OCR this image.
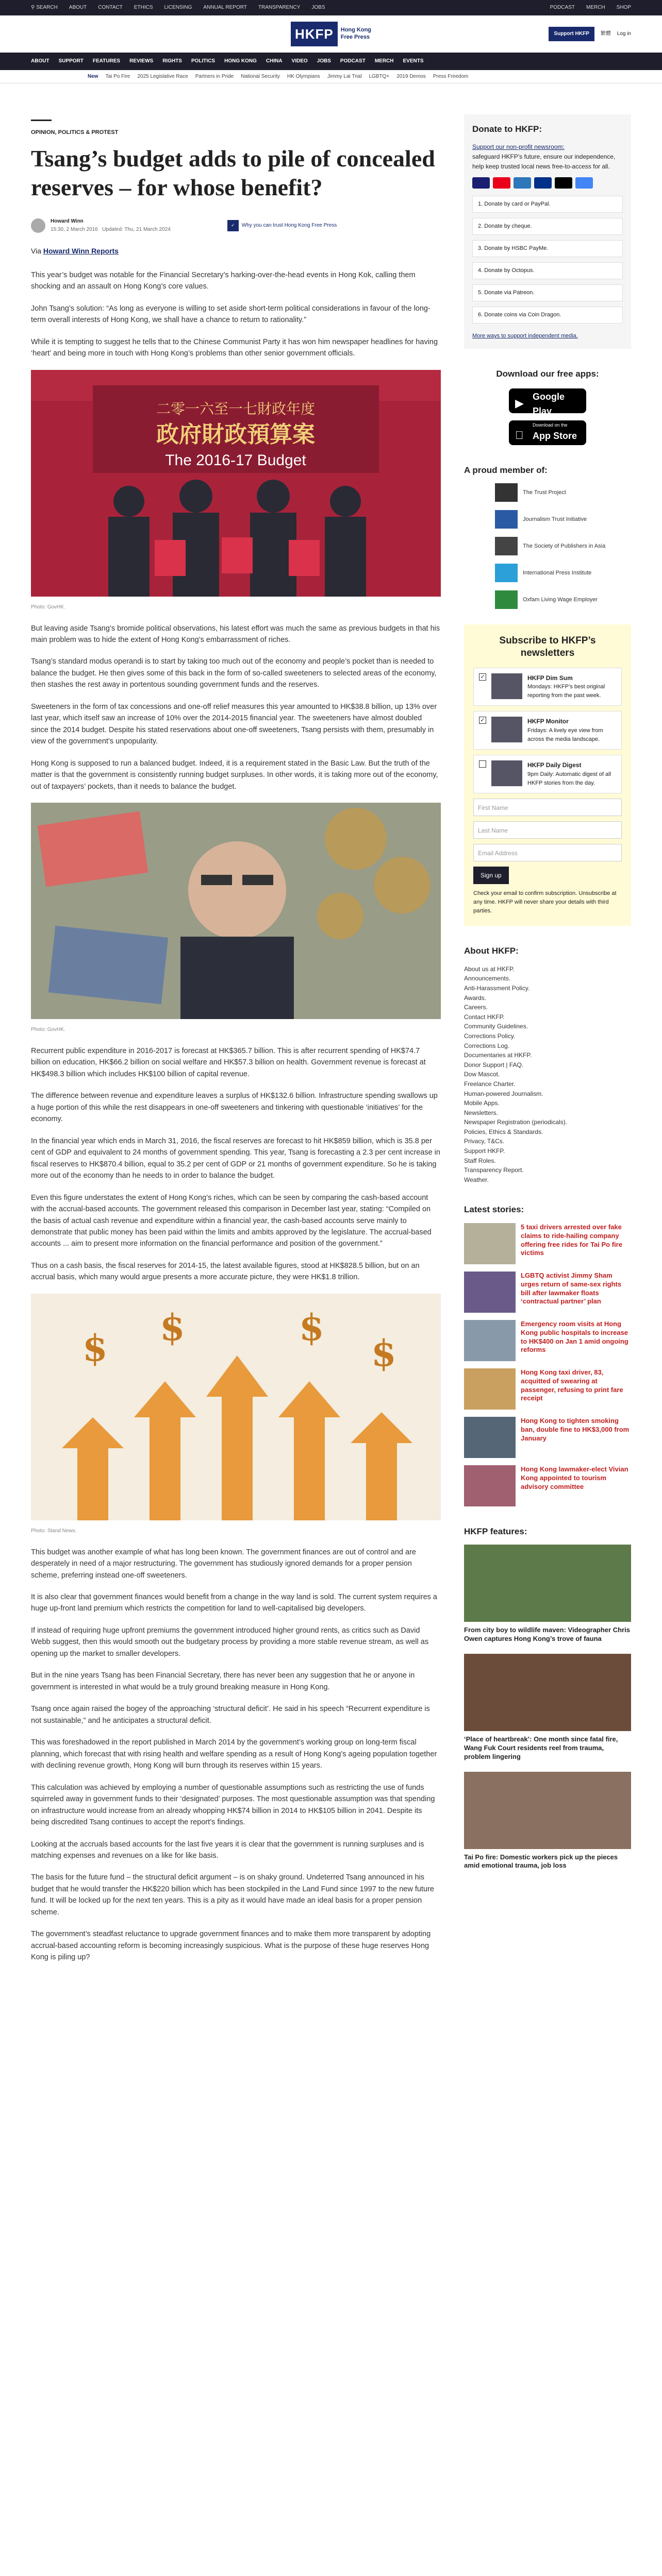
⚲ SEARCH ABOUT CONTACT ETHICS LICENSING ANNUAL REPORT TRANSPARENCY JOBS	PODCAST MERCH SHOP
HKFP	Hong Kong
Free Press
Support HKFP	繁體 Log in
ABOUT SUPPORT FEATURES REVIEWS RIGHTS POLITICS HONG KONG CHINA VIDEO JOBS PODCAST MERCH EVENTS
New Tai Po Fire 2025 Legislative Race Partners in Pride National Security HK Olympians Jimmy Lai Trial LGBTQ+ 2019 Demos Press Freedom
OPINION, POLITICS & PROTEST
Tsang’s budget adds to pile of concealed reserves – for whose benefit?
Howard Winn
15:30, 2 March 2016 Updated: Thu, 21 March 2024
✓	Why you can trust Hong Kong Free Press
Via Howard Winn Reports

This year’s budget was notable for the Financial Secretary’s harking-over-the-head events in Hong Kok, calling them shocking and an assault on Hong Kong’s core values.

John Tsang’s solution: “As long as everyone is willing to set aside short-term political considerations in favour of the long-term overall interests of Hong Kong, we shall have a chance to return to rationality.”

While it is tempting to suggest he tells that to the Chinese Communist Party it has won him newspaper headlines for having ‘heart’ and being more in touch with Hong Kong’s problems than other senior government officials.

二零一六至一七財政年度
政府財政預算案
The 2016-17 Budget
Photo: GovHK.

But leaving aside Tsang’s bromide political observations, his latest effort was much the same as previous budgets in that his main problem was to hide the extent of Hong Kong’s embarrassment of riches.

Tsang’s standard modus operandi is to start by taking too much out of the economy and people’s pocket than is needed to balance the budget. He then gives some of this back in the form of so-called sweeteners to selected areas of the economy, then stashes the rest away in portentous sounding government funds and the reserves.

Sweeteners in the form of tax concessions and one-off relief measures this year amounted to HK$38.8 billion, up 13% over last year, which itself saw an increase of 10% over the 2014-2015 financial year. The sweeteners have almost doubled since the 2014 budget. Despite his stated reservations about one-off sweeteners, Tsang persists with them, presumably in view of the government’s unpopularity.

Hong Kong is supposed to run a balanced budget. Indeed, it is a requirement stated in the Basic Law. But the truth of the matter is that the government is consistently running budget surpluses. In other words, it is taking more out of the economy, out of taxpayers’ pockets, than it needs to balance the budget.

Photo: GovHK.

Recurrent public expenditure in 2016-2017 is forecast at HK$365.7 billion. This is after recurrent spending of HK$74.7 billion on education, HK$66.2 billion on social welfare and HK$57.3 billion on health. Government revenue is forecast at HK$498.3 billion which includes HK$100 billion of capital revenue.

The difference between revenue and expenditure leaves a surplus of HK$132.6 billion. Infrastructure spending swallows up a huge portion of this while the rest disappears in one-off sweeteners and tinkering with questionable ‘initiatives’ for the economy.

In the financial year which ends in March 31, 2016, the fiscal reserves are forecast to hit HK$859 billion, which is 35.8 per cent of GDP and equivalent to 24 months of government spending. This year, Tsang is forecasting a 2.3 per cent increase in fiscal reserves to HK$870.4 billion, equal to 35.2 per cent of GDP or 21 months of government expenditure. So he is taking more out of the economy than he needs to in order to balance the budget.

Even this figure understates the extent of Hong Kong’s riches, which can be seen by comparing the cash-based account with the accrual-based accounts. The government released this comparison in December last year, stating: “Compiled on the basis of actual cash revenue and expenditure within a financial year, the cash-based accounts serve mainly to demonstrate that public money has been paid within the limits and ambits approved by the legislature. The accrual-based accounts ... aim to present more information on the financial performance and position of the government.”

Thus on a cash basis, the fiscal reserves for 2014-15, the latest available figures, stood at HK$828.5 billion, but on an accrual basis, which many would argue presents a more accurate picture, they were HK$1.8 trillion.

$ $	$
$
Photo: Stand News.

This budget was another example of what has long been known. The government finances are out of control and are desperately in need of a major restructuring. The government has studiously ignored demands for a proper pension scheme, preferring instead one-off sweeteners.

It is also clear that government finances would benefit from a change in the way land is sold. The current system requires a huge up-front land premium which restricts the competition for land to well-capitalised big developers.

If instead of requiring huge upfront premiums the government introduced higher ground rents, as critics such as David Webb suggest, then this would smooth out the budgetary process by providing a more stable revenue stream, as well as opening up the market to smaller developers.

But in the nine years Tsang has been Financial Secretary, there has never been any suggestion that he or anyone in government is interested in what would be a truly ground breaking measure in Hong Kong.

Tsang once again raised the bogey of the approaching ‘structural deficit’. He said in his speech “Recurrent expenditure is not sustainable,” and he anticipates a structural deficit.

This was foreshadowed in the report published in March 2014 by the government’s working group on long-term fiscal planning, which forecast that with rising health and welfare spending as a result of Hong Kong’s ageing population together with declining revenue growth, Hong Kong will burn through its reserves within 15 years.

This calculation was achieved by employing a number of questionable assumptions such as restricting the use of funds squirreled away in government funds to their ‘designated’ purposes. The most questionable assumption was that spending on infrastructure would increase from an already whopping HK$74 billion in 2014 to HK$105 billion in 2041. Despite its being discredited Tsang continues to accept the report’s findings.

Looking at the accruals based accounts for the last five years it is clear that the government is running surpluses and is matching expenses and revenues on a like for like basis.

The basis for the future fund – the structural deficit argument – is on shaky ground. Undeterred Tsang announced in his budget that he would transfer the HK$220 billion which has been stockpiled in the Land Fund since 1997 to the new future fund. It will be locked up for the next ten years. This is a pity as it would have made an ideal basis for a proper pension scheme.

The government’s steadfast reluctance to upgrade government finances and to make them more transparent by adopting accrual-based accounting reform is becoming increasingly suspicious. What is the purpose of these huge reserves Hong Kong is piling up?

Donate to HKFP:
Support our non-profit newsroom:
safeguard HKFP’s future, ensure our independence, help keep trusted local news free-to-access for all.
1. Donate by card or PayPal.
2. Donate by cheque.
3. Donate by HSBC PayMe.
4. Donate by Octopus.
5. Donate via Patreon.
6. Donate coins via Coin Dragon.
More ways to support independent media.
Download our free apps:
▶
GET IT ON
Google Play
Download on the
App Store
A proud member of:
The Trust Project
Journalism Trust Initiative
The Society of Publishers in Asia
International Press Institute
Oxfam Living Wage Employer
Subscribe to HKFP’s newsletters
✓	HKFP Dim Sum
Mondays: HKFP’s best original reporting from the past week.
✓	HKFP Monitor
Fridays: A lively eye view from across the media landscape.
HKFP Daily Digest
9pm Daily: Automatic digest of all HKFP stories from the day.
First Name
Last Name
Email Address
Sign up
Check your email to confirm subscription. Unsubscribe at any time. HKFP will never share your details with third parties.
About HKFP:
About us at HKFP.
Announcements.
Anti-Harassment Policy.
Awards.
Careers.
Contact HKFP.
Community Guidelines.
Corrections Policy.
Corrections Log.
Documentaries at HKFP.
Donor Support | FAQ.
Dow Mascot.
Freelance Charter.
Human-powered Journalism.
Mobile Apps.
Newsletters.
Newspaper Registration (periodicals).
Policies, Ethics & Standards.
Privacy, T&Cs.
Support HKFP.
Staff Roles.
Transparency Report.
Weather.
Latest stories:
5 taxi drivers arrested over fake claims to ride-hailing company offering free rides for Tai Po fire victims
LGBTQ activist Jimmy Sham urges return of same-sex rights bill after lawmaker floats ‘contractual partner’ plan
Emergency room visits at Hong Kong public hospitals to increase to HK$400 on Jan 1 amid ongoing reforms
Hong Kong taxi driver, 83, acquitted of swearing at passenger, refusing to print fare receipt
Hong Kong to tighten smoking ban, double fine to HK$3,000 from January
Hong Kong lawmaker-elect Vivian Kong appointed to tourism advisory committee
HKFP features:
From city boy to wildlife maven: Videographer Chris Owen captures Hong Kong’s trove of fauna
‘Place of heartbreak’: One month since fatal fire, Wang Fuk Court residents reel from trauma, problem lingering
Tai Po fire: Domestic workers pick up the pieces amid emotional trauma, job loss
